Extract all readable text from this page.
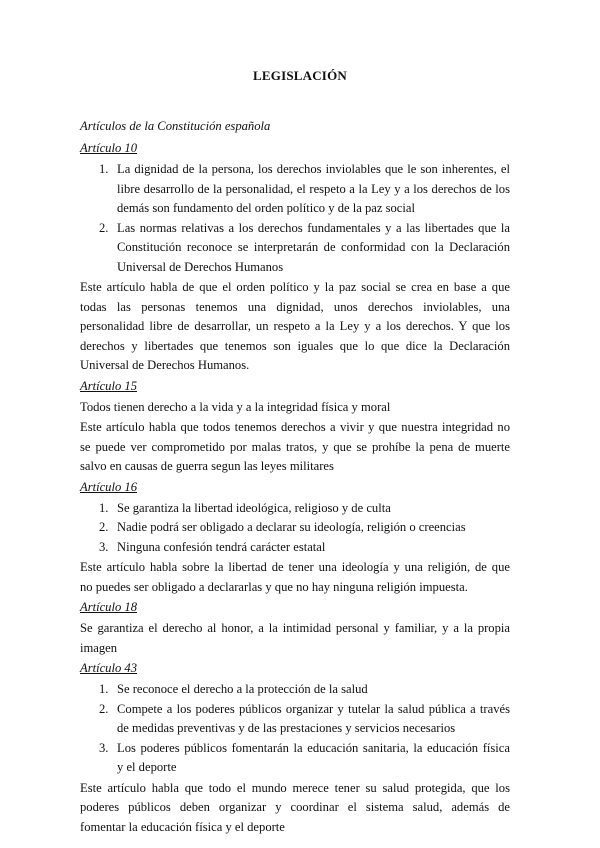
LEGISLACIÓN
Artículos de la Constitución española
Artículo 10
1. La dignidad de la persona, los derechos inviolables que le son inherentes, el
libre desarrollo de la personalidad, el respeto a la Ley y a los derechos de los
demás son fundamento del orden político y de la paz social
2. Las normas relativas a los derechos fundamentales y a las libertades que la
Constitución reconoce se interpretarán de conformidad con la Declaración
Universal de Derechos Humanos
Este artículo habla de que el orden político y la paz social se crea en base a que
todas las personas tenemos una dignidad, unos derechos inviolables, una
personalidad libre de desarrollar, un respeto a la Ley y a los derechos. Y que los
derechos y libertades que tenemos son iguales que lo que dice la Declaración
Universal de Derechos Humanos.
Artículo 15
Todos tienen derecho a la vida y a la integridad física y moral
Este artículo habla que todos tenemos derechos a vivir y que nuestra integridad no
se puede ver comprometido por malas tratos, y que se prohíbe la pena de muerte
salvo en causas de guerra segun las leyes militares
Artículo 16
1. Se garantiza la libertad ideológica, religioso y de culta
2. Nadie podrá ser obligado a declarar su ideología, religión o creencias
3. Ninguna confesión tendrá carácter estatal
Este artículo habla sobre la libertad de tener una ideología y una religión, de que
no puedes ser obligado a declararlas y que no hay ninguna religión impuesta.
Artículo 18
Se garantiza el derecho al honor, a la intimidad personal y familiar, y a la propia
imagen
Artículo 43
1. Se reconoce el derecho a la protección de la salud
2. Compete a los poderes públicos organizar y tutelar la salud pública a través
de medidas preventivas y de las prestaciones y servicios necesarios
3. Los poderes públicos fomentarán la educación sanitaria, la educación física
y el deporte
Este artículo habla que todo el mundo merece tener su salud protegida, que los
poderes públicos deben organizar y coordinar el sistema salud, además de
fomentar la educación física y el deporte
